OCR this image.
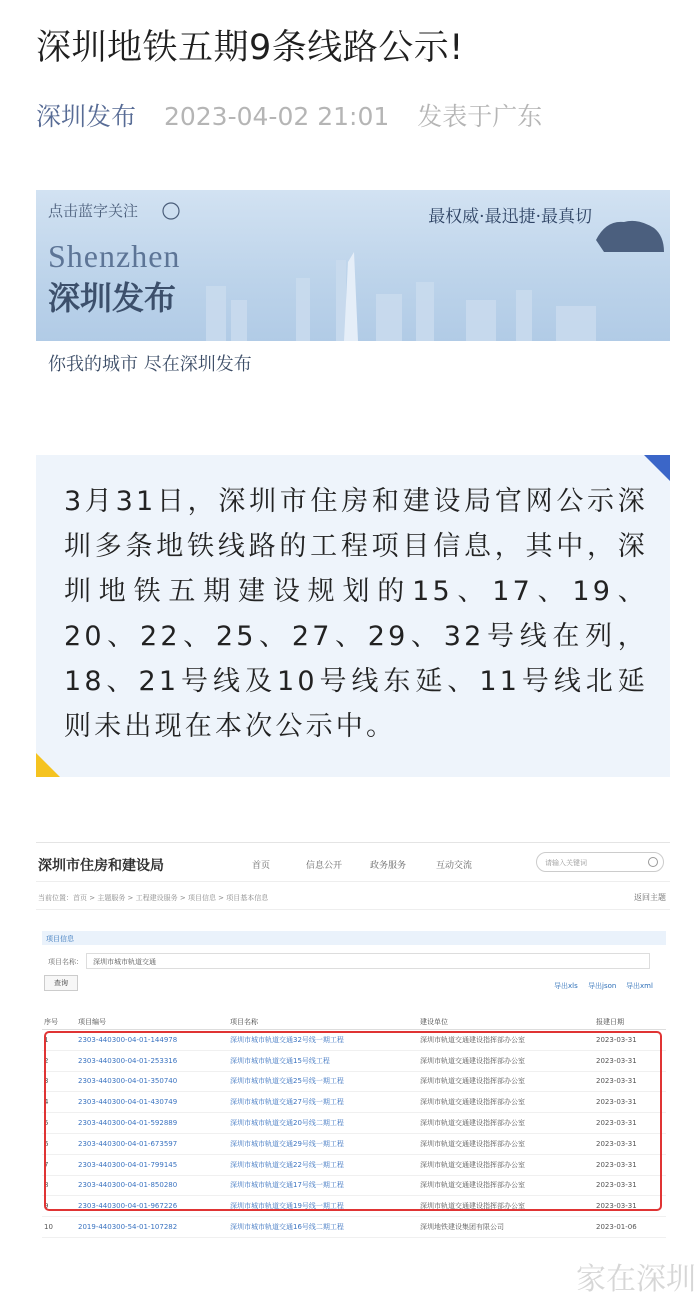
深圳地铁五期9条线路公示!
深圳发布 2023-04-02 21:01 发表于广东
点击蓝字关注	最权威·最迅捷·最真切
Shenzhen
深圳发布
你我的城市 尽在深圳发布
3月31日，深圳市住房和建设局官网公示深圳多条地铁线路的工程项目信息，其中，深圳地铁五期建设规划的15、17、19、20、22、25、27、29、32号线在列，18、21号线及10号线东延、11号线北延则未出现在本次公示中。
深圳市住房和建设局	首页	信息公开	政务服务	互动交流	请输入关键词
当前位置：首页 > 主题服务 > 工程建设服务 > 项目信息 > 项目基本信息	返回主题
项目信息
项目名称：	深圳市城市轨道交通
查询	导出xls 导出json 导出xml
序号	项目编号	项目名称	建设单位	报建日期
1	2303-440300-04-01-144978	深圳市城市轨道交通32号线一期工程	深圳市轨道交通建设指挥部办公室	2023-03-31
2	2303-440300-04-01-253316	深圳市城市轨道交通15号线工程	深圳市轨道交通建设指挥部办公室	2023-03-31
3	2303-440300-04-01-350740	深圳市城市轨道交通25号线一期工程	深圳市轨道交通建设指挥部办公室	2023-03-31
4	2303-440300-04-01-430749	深圳市城市轨道交通27号线一期工程	深圳市轨道交通建设指挥部办公室	2023-03-31
5	2303-440300-04-01-592889	深圳市城市轨道交通20号线二期工程	深圳市轨道交通建设指挥部办公室	2023-03-31
6	2303-440300-04-01-673597	深圳市城市轨道交通29号线一期工程	深圳市轨道交通建设指挥部办公室	2023-03-31
7	2303-440300-04-01-799145	深圳市城市轨道交通22号线一期工程	深圳市轨道交通建设指挥部办公室	2023-03-31
8	2303-440300-04-01-850280	深圳市城市轨道交通17号线一期工程	深圳市轨道交通建设指挥部办公室	2023-03-31
9	2303-440300-04-01-967226	深圳市城市轨道交通19号线一期工程	深圳市轨道交通建设指挥部办公室	2023-03-31
10	2019-440300-54-01-107282	深圳市城市轨道交通16号线二期工程	深圳地铁建设集团有限公司	2023-01-06
家在深圳
